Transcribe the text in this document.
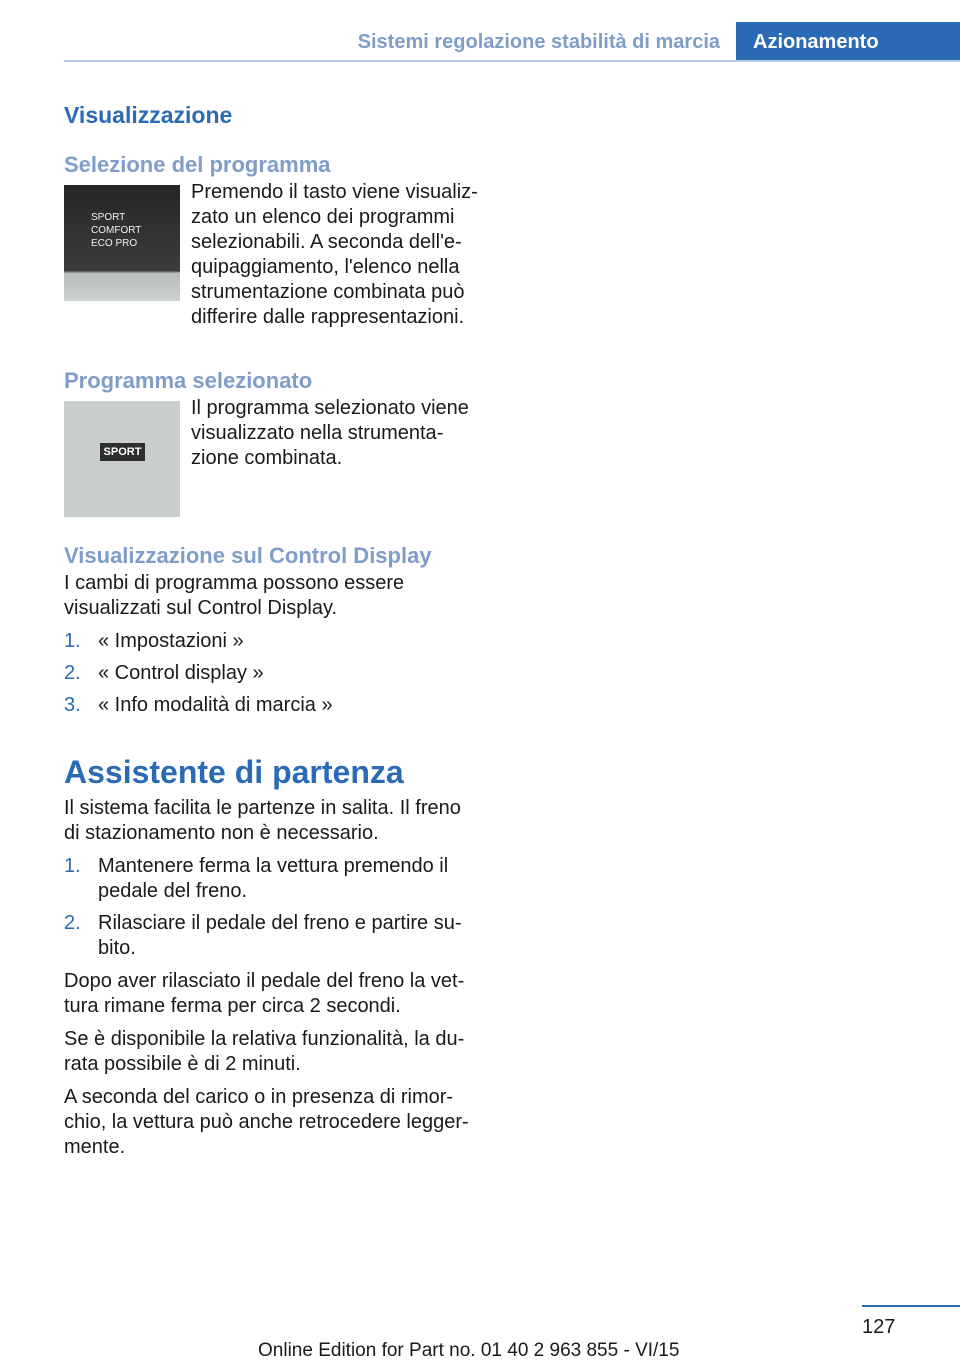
Sistemi regolazione stabilità di marcia	Azionamento
Visualizzazione
Selezione del programma
SPORT
COMFORT
ECO PRO

Premendo il tasto viene visualizzato un elenco dei programmi selezionabili. A seconda dell'equipaggiamento, l'elenco nella strumentazione combinata può differire dalle rappresentazioni.

Programma selezionato
SPORT

Il programma selezionato viene visualizzato nella strumentazione combinata.

Visualizzazione sul Control Display

I cambi di programma possono essere visualizzati sul Control Display.

1. « Impostazioni »
2. « Control display »
3. « Info modalità di marcia »
Assistente di partenza

Il sistema facilita le partenze in salita. Il freno di stazionamento non è necessario.

1. Mantenere ferma la vettura premendo il pedale del freno.
2. Rilasciare il pedale del freno e partire subito.

Dopo aver rilasciato il pedale del freno la vettura rimane ferma per circa 2 secondi.

Se è disponibile la relativa funzionalità, la durata possibile è di 2 minuti.

A seconda del carico o in presenza di rimorchio, la vettura può anche retrocedere leggermente.

127
Online Edition for Part no. 01 40 2 963 855 - VI/15
